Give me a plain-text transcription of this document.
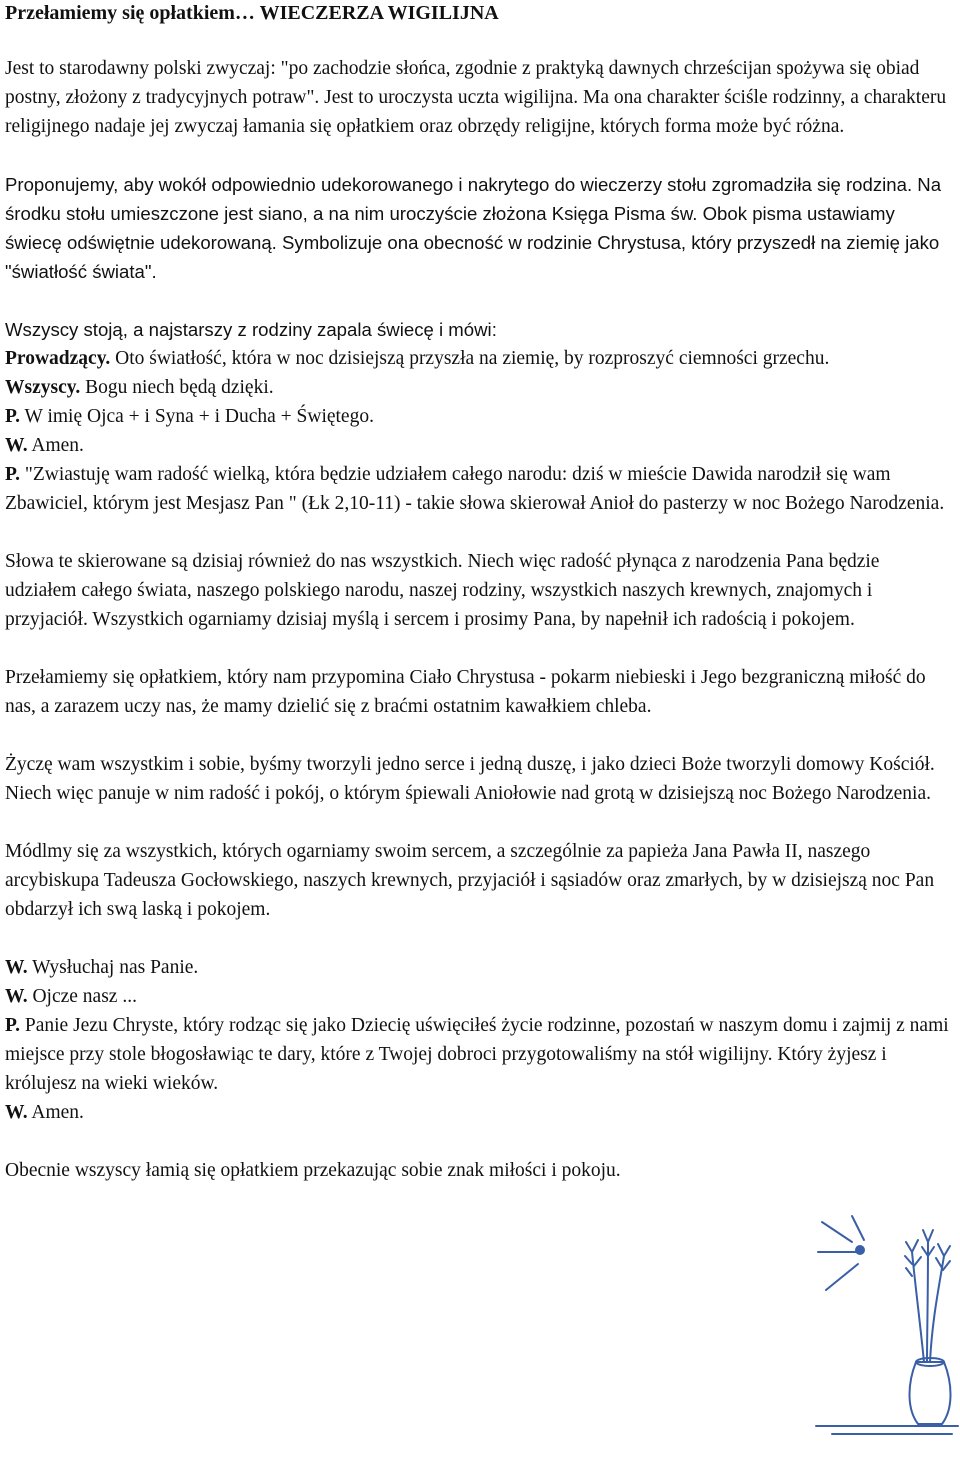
Przełamiemy się opłatkiem… WIECZERZA WIGILIJNA

Jest to starodawny polski zwyczaj: "po zachodzie słońca, zgodnie z praktyką dawnych chrześcijan spożywa się obiad postny, złożony z tradycyjnych potraw". Jest to uroczysta uczta wigilijna. Ma ona charakter ściśle rodzinny, a charakteru religijnego nadaje jej zwyczaj łamania się opłatkiem oraz obrzędy religijne, których forma może być różna.

Proponujemy, aby wokół odpowiednio udekorowanego i nakrytego do wieczerzy stołu zgromadziła się rodzina. Na środku stołu umieszczone jest siano, a na nim uroczyście złożona Księga Pisma św. Obok pisma ustawiamy świecę odświętnie udekorowaną. Symbolizuje ona obecność w rodzinie Chrystusa, który przyszedł na ziemię jako "światłość świata".

Wszyscy stoją, a najstarszy z rodziny zapala świecę i mówi:

Prowadzący. Oto światłość, która w noc dzisiejszą przyszła na ziemię, by rozproszyć ciemności grzechu.

Wszyscy. Bogu niech będą dzięki.

P. W imię Ojca + i Syna + i Ducha + Świętego.

W. Amen.

P. "Zwiastuję wam radość wielką, która będzie udziałem całego narodu: dziś w mieście Dawida narodził się wam Zbawiciel, którym jest Mesjasz Pan " (Łk 2,10-11) - takie słowa skierował Anioł do pasterzy w noc Bożego Narodzenia.

Słowa te skierowane są dzisiaj również do nas wszystkich. Niech więc radość płynąca z narodzenia Pana będzie udziałem całego świata, naszego polskiego narodu, naszej rodziny, wszystkich naszych krewnych, znajomych i przyjaciół. Wszystkich ogarniamy dzisiaj myślą i sercem i prosimy Pana, by napełnił ich radością i pokojem.

Przełamiemy się opłatkiem, który nam przypomina Ciało Chrystusa - pokarm niebieski i Jego bezgraniczną miłość do nas, a zarazem uczy nas, że mamy dzielić się z braćmi ostatnim kawałkiem chleba.

Życzę wam wszystkim i sobie, byśmy tworzyli jedno serce i jedną duszę, i jako dzieci Boże tworzyli domowy Kościół. Niech więc panuje w nim radość i pokój, o którym śpiewali Aniołowie nad grotą w dzisiejszą noc Bożego Narodzenia.

Módlmy się za wszystkich, których ogarniamy swoim sercem, a szczególnie za papieża Jana Pawła II, naszego arcybiskupa Tadeusza Gocłowskiego, naszych krewnych, przyjaciół i sąsiadów oraz zmarłych, by w dzisiejszą noc Pan obdarzył ich swą laską i pokojem.

W. Wysłuchaj nas Panie.

W. Ojcze nasz ...

P. Panie Jezu Chryste, który rodząc się jako Dziecię uświęciłeś życie rodzinne, pozostań w naszym domu i zajmij z nami miejsce przy stole błogosławiąc te dary, które z Twojej dobroci przygotowaliśmy na stół wigilijny. Który żyjesz i królujesz na wieki wieków.

W. Amen.

Obecnie wszyscy łamią się opłatkiem przekazując sobie znak miłości i pokoju.
